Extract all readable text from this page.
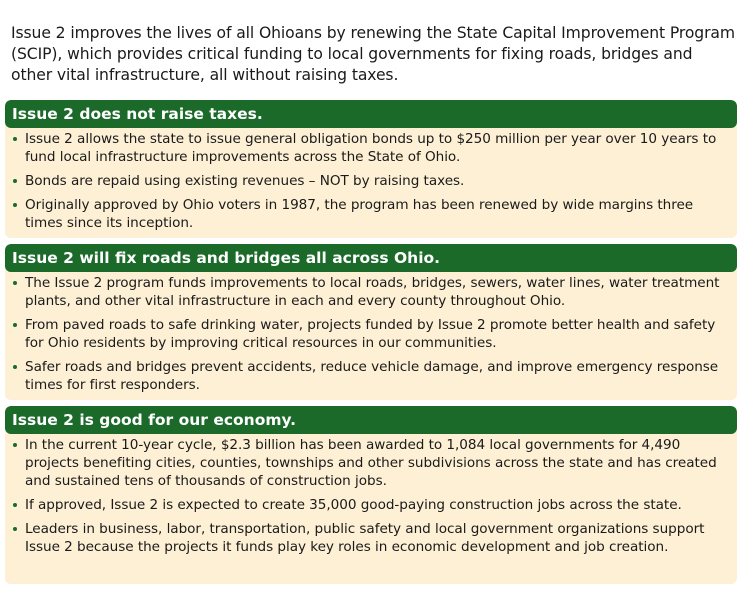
Issue 2 improves the lives of all Ohioans by renewing the State Capital Improvement Program (SCIP), which provides critical funding to local governments for fixing roads, bridges and other vital infrastructure, all without raising taxes.

Issue 2 does not raise taxes.
Issue 2 allows the state to issue general obligation bonds up to $250 million per year over 10 years to fund local infrastructure improvements across the State of Ohio.
Bonds are repaid using existing revenues – NOT by raising taxes.
Originally approved by Ohio voters in 1987, the program has been renewed by wide margins three times since its inception.
Issue 2 will fix roads and bridges all across Ohio.
The Issue 2 program funds improvements to local roads, bridges, sewers, water lines, water treatment plants, and other vital infrastructure in each and every county throughout Ohio.
From paved roads to safe drinking water, projects funded by Issue 2 promote better health and safety for Ohio residents by improving critical resources in our communities.
Safer roads and bridges prevent accidents, reduce vehicle damage, and improve emergency response times for first responders.
Issue 2 is good for our economy.
In the current 10-year cycle, $2.3 billion has been awarded to 1,084 local governments for 4,490 projects benefiting cities, counties, townships and other subdivisions across the state and has created and sustained tens of thousands of construction jobs.
If approved, Issue 2 is expected to create 35,000 good-paying construction jobs across the state.
Leaders in business, labor, transportation, public safety and local government organizations support Issue 2 because the projects it funds play key roles in economic development and job creation.
